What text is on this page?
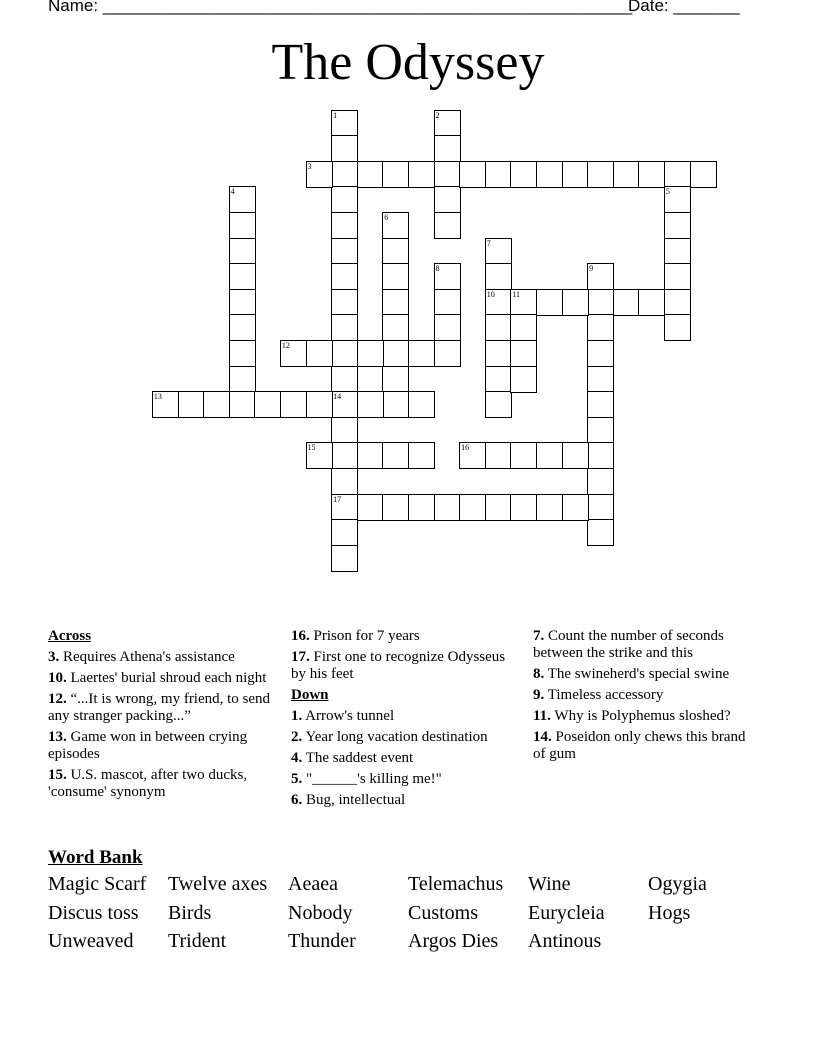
Name: ________________________________________________________
Date: _______
The Odyssey
1
14
17
2
3
4	5
6
7
10
8	9
11
12
13
15	16
Across
3. Requires Athena's assistance
10. Laertes' burial shroud each night
12. “...It is wrong, my friend, to send any stranger packing...”
13. Game won in between crying episodes
15. U.S. mascot, after two ducks, 'consume' synonym
16. Prison for 7 years
17. First one to recognize Odysseus by his feet
Down
1. Arrow's tunnel
2. Year long vacation destination
4. The saddest event
5. "______'s killing me!"
6. Bug, intellectual
7. Count the number of seconds between the strike and this
8. The swineherd's special swine
9. Timeless accessory
11. Why is Polyphemus sloshed?
14. Poseidon only chews this brand of gum
Word Bank
Magic Scarf	Twelve axes	Aeaea	Telemachus	Wine	Ogygia
Discus toss	Birds	Nobody	Customs	Eurycleia	Hogs
Unweaved	Trident	Thunder	Argos Dies	Antinous
